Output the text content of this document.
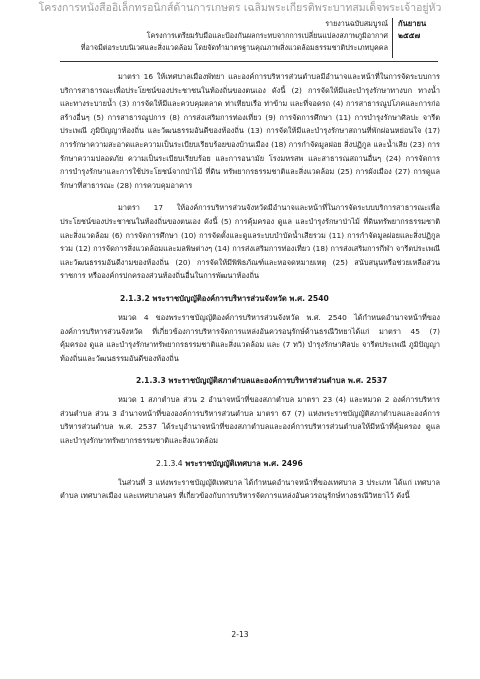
โครงการหนังสืออิเล็กทรอนิกส์ด้านการเกษตร เฉลิมพระเกียรติพระบาทสมเด็จพระเจ้าอยู่หัว
รายงานฉบับสมบูรณ์
โครงการเตรียมรับมือและป้องกันผลกระทบจากการเปลี่ยนแปลงสภาพภูมิอากาศ
ที่อาจมีต่อระบบนิเวศและสิ่งแวดล้อม โดยจัดทำมาตรฐานคุณภาพสิ่งแวดล้อมธรรมชาติประเภทบุคคล
กันยายน
๒๕๕๗

มาตรา 16 ให้เทศบาลเมืองพัทยา และองค์การบริหารส่วนตำบลมีอำนาจและหน้าที่ในการจัดระบบการบริการสาธารณะเพื่อประโยชน์ของประชาชนในท้องถิ่นของตนเอง ดังนี้ (2) การจัดให้มีและบำรุงรักษาทางบก ทางน้ำ และทางระบายน้ำ (3) การจัดให้มีและควบคุมตลาด ท่าเทียบเรือ ท่าข้าม และที่จอดรถ (4) การสาธารณูปโภคและการก่อสร้างอื่นๆ (5) การสาธารณูปการ (8) การส่งเสริมการท่องเที่ยว (9) การจัดการศึกษา (11) การบำรุงรักษาศิลปะ จารีตประเพณี ภูมิปัญญาท้องถิ่น และวัฒนธรรมอันดีของท้องถิ่น (13) การจัดให้มีและบำรุงรักษาสถานที่พักผ่อนหย่อนใจ (17) การรักษาความสะอาดและความเป็นระเบียบเรียบร้อยของบ้านเมือง (18) การกำจัดมูลฝอย สิ่งปฏิกูล และน้ำเสีย (23) การรักษาความปลอดภัย ความเป็นระเบียบเรียบร้อย และการอนามัย โรงมหรสพ และสาธารณสถานอื่นๆ (24) การจัดการ การบำรุงรักษาและการใช้ประโยชน์จากป่าไม้ ที่ดิน ทรัพยากรธรรมชาติและสิ่งแวดล้อม (25) การผังเมือง (27) การดูแลรักษาที่สาธารณะ (28) การควบคุมอาคาร

มาตรา 17 ให้องค์การบริหารส่วนจังหวัดมีอำนาจและหน้าที่ในการจัดระบบบริการสาธารณะเพื่อประโยชน์ของประชาชนในท้องถิ่นของตนเอง ดังนี้ (5) การคุ้มครอง ดูแล และบำรุงรักษาป่าไม้ ที่ดินทรัพยากรธรรมชาติและสิ่งแวดล้อม (6) การจัดการศึกษา (10) การจัดตั้งและดูแลระบบบำบัดน้ำเสียรวม (11) การกำจัดมูลฝอยและสิ่งปฏิกูลรวม (12) การจัดการสิ่งแวดล้อมและมลพิษต่างๆ (14) การส่งเสริมการท่องเที่ยว (18) การส่งเสริมการกีฬา จารีตประเพณี และวัฒนธรรมอันดีงามของท้องถิ่น (20) การจัดให้มีพิพิธภัณฑ์และหอจดหมายเหตุ (25) สนับสนุนหรือช่วยเหลือส่วนราชการ หรือองค์กรปกครองส่วนท้องถิ่นอื่นในการพัฒนาท้องถิ่น

2.1.3.2 พระราชบัญญัติองค์การบริหารส่วนจังหวัด พ.ศ. 2540

หมวด 4 ของพระราชบัญญัติองค์การบริหารส่วนจังหวัด พ.ศ. 2540 ได้กำหนดอำนาจหน้าที่ขององค์การบริหารส่วนจังหวัด ที่เกี่ยวข้องการบริหารจัดการแหล่งอันควรอนุรักษ์ด้านธรณีวิทยาได้แก่ มาตรา 45 (7) คุ้มครอง ดูแล และบำรุงรักษาทรัพยากรธรรมชาติและสิ่งแวดล้อม และ (7 ทวิ) บำรุงรักษาศิลปะ จารีตประเพณี ภูมิปัญญาท้องถิ่นและวัฒนธรรมอันดีของท้องถิ่น

2.1.3.3 พระราชบัญญัติสภาตำบลและองค์การบริหารส่วนตำบล พ.ศ. 2537

หมวด 1 สภาตำบล ส่วน 2 อำนาจหน้าที่ของสภาตำบล มาตรา 23 (4) และหมวด 2 องค์การบริหารส่วนตำบล ส่วน 3 อำนาจหน้าที่ขององค์การบริหารส่วนตำบล มาตรา 67 (7) แห่งพระราชบัญญัติสภาตำบลและองค์การบริหารส่วนตำบล พ.ศ. 2537 ได้ระบุอำนาจหน้าที่ของสภาตำบลและองค์การบริหารส่วนตำบลให้มีหน้าที่คุ้มครอง ดูแล และบำรุงรักษาทรัพยากรธรรมชาติและสิ่งแวดล้อม

2.1.3.4 พระราชบัญญัติเทศบาล พ.ศ. 2496

ในส่วนที่ 3 แห่งพระราชบัญญัติเทศบาล ได้กำหนดอำนาจหน้าที่ของเทศบาล 3 ประเภท ได้แก่ เทศบาลตำบล เทศบาลเมือง และเทศบาลนคร ที่เกี่ยวข้องกับการบริหารจัดการแหล่งอันควรอนุรักษ์ทางธรณีวิทยาไว้ ดังนี้

2-13
